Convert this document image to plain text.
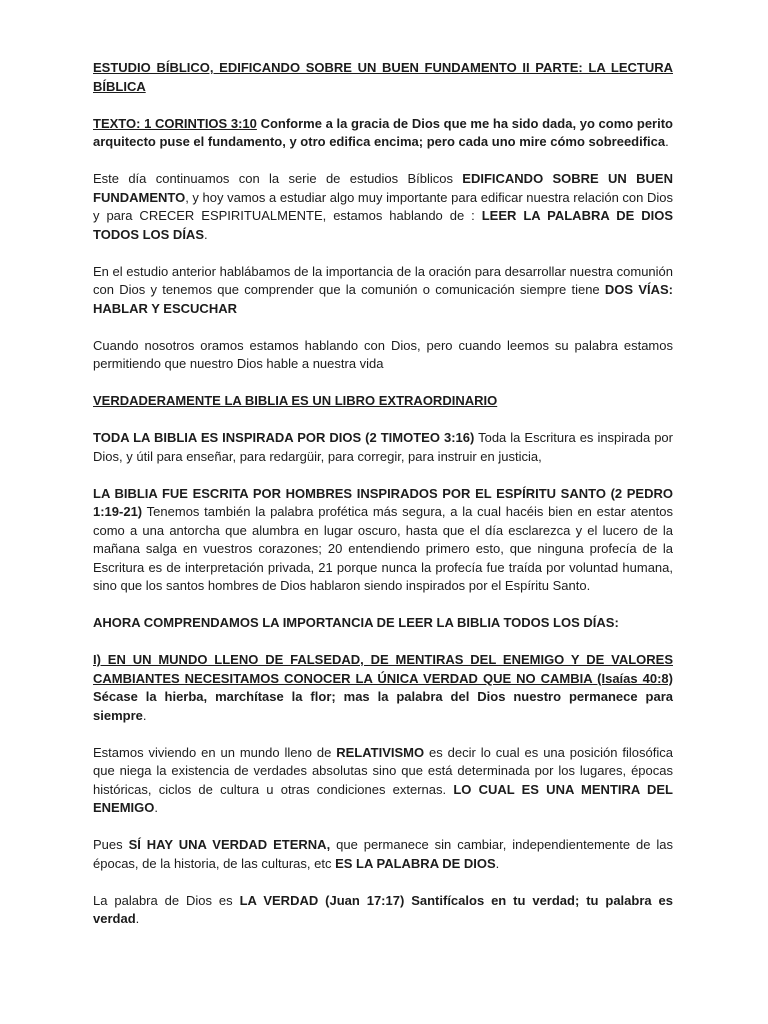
ESTUDIO BÍBLICO, EDIFICANDO SOBRE UN BUEN FUNDAMENTO II PARTE: LA LECTURA BÍBLICA

TEXTO: 1 CORINTIOS 3:10 Conforme a la gracia de Dios que me ha sido dada, yo como perito arquitecto puse el fundamento, y otro edifica encima; pero cada uno mire cómo sobreedifica.

Este día continuamos con la serie de estudios Bíblicos EDIFICANDO SOBRE UN BUEN FUNDAMENTO, y hoy vamos a estudiar algo muy importante para edificar nuestra relación con Dios y para CRECER ESPIRITUALMENTE, estamos hablando de : LEER LA PALABRA DE DIOS TODOS LOS DÍAS.

En el estudio anterior hablábamos de la importancia de la oración para desarrollar nuestra comunión con Dios y tenemos que comprender que la comunión o comunicación siempre tiene DOS VÍAS: HABLAR Y ESCUCHAR

Cuando nosotros oramos estamos hablando con Dios, pero cuando leemos su palabra estamos permitiendo que nuestro Dios hable a nuestra vida

VERDADERAMENTE LA BIBLIA ES UN LIBRO EXTRAORDINARIO

TODA LA BIBLIA ES INSPIRADA POR DIOS (2 TIMOTEO 3:16) Toda la Escritura es inspirada por Dios, y útil para enseñar, para redargüir, para corregir, para instruir en justicia,

LA BIBLIA FUE ESCRITA POR HOMBRES INSPIRADOS POR EL ESPÍRITU SANTO (2 PEDRO 1:19-21) Tenemos también la palabra profética más segura, a la cual hacéis bien en estar atentos como a una antorcha que alumbra en lugar oscuro, hasta que el día esclarezca y el lucero de la mañana salga en vuestros corazones; 20 entendiendo primero esto, que ninguna profecía de la Escritura es de interpretación privada, 21 porque nunca la profecía fue traída por voluntad humana, sino que los santos hombres de Dios hablaron siendo inspirados por el Espíritu Santo.

AHORA COMPRENDAMOS LA IMPORTANCIA DE LEER LA BIBLIA TODOS LOS DÍAS:

I) EN UN MUNDO LLENO DE FALSEDAD, DE MENTIRAS DEL ENEMIGO Y DE VALORES CAMBIANTES NECESITAMOS CONOCER LA ÚNICA VERDAD QUE NO CAMBIA (Isaías 40:8) Sécase la hierba, marchítase la flor; mas la palabra del Dios nuestro permanece para siempre.

Estamos viviendo en un mundo lleno de RELATIVISMO es decir lo cual es una posición filosófica que niega la existencia de verdades absolutas sino que está determinada por los lugares, épocas históricas, ciclos de cultura u otras condiciones externas. LO CUAL ES UNA MENTIRA DEL ENEMIGO.

Pues SÍ HAY UNA VERDAD ETERNA, que permanece sin cambiar, independientemente de las épocas, de la historia, de las culturas, etc ES LA PALABRA DE DIOS.

La palabra de Dios es LA VERDAD (Juan 17:17) Santifícalos en tu verdad; tu palabra es verdad.
